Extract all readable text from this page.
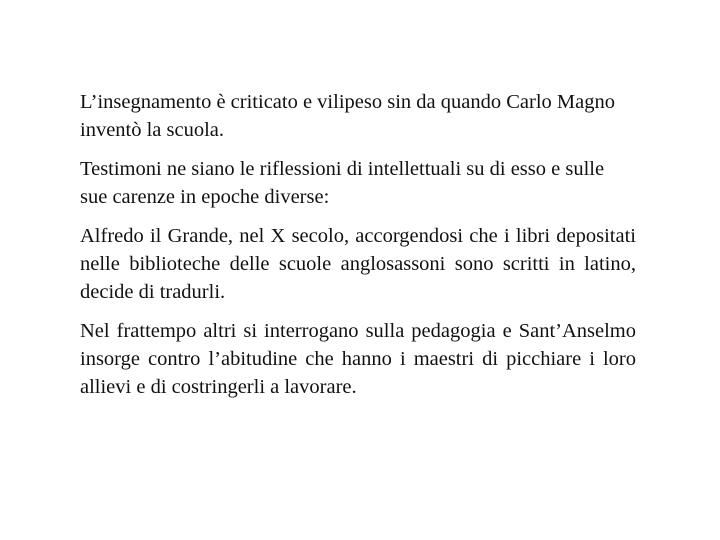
L’insegnamento è criticato e vilipeso sin da quando Carlo Magno inventò la scuola.

Testimoni ne siano le riflessioni di intellettuali su di esso e sulle sue carenze in epoche diverse:

Alfredo il Grande, nel X secolo, accorgendosi che i libri depositati nelle biblioteche delle scuole anglosassoni sono scritti in latino, decide di tradurli.

Nel frattempo altri si interrogano sulla pedagogia e Sant’Anselmo insorge contro l’abitudine che hanno i maestri di picchiare i loro allievi e di costringerli a lavorare.
